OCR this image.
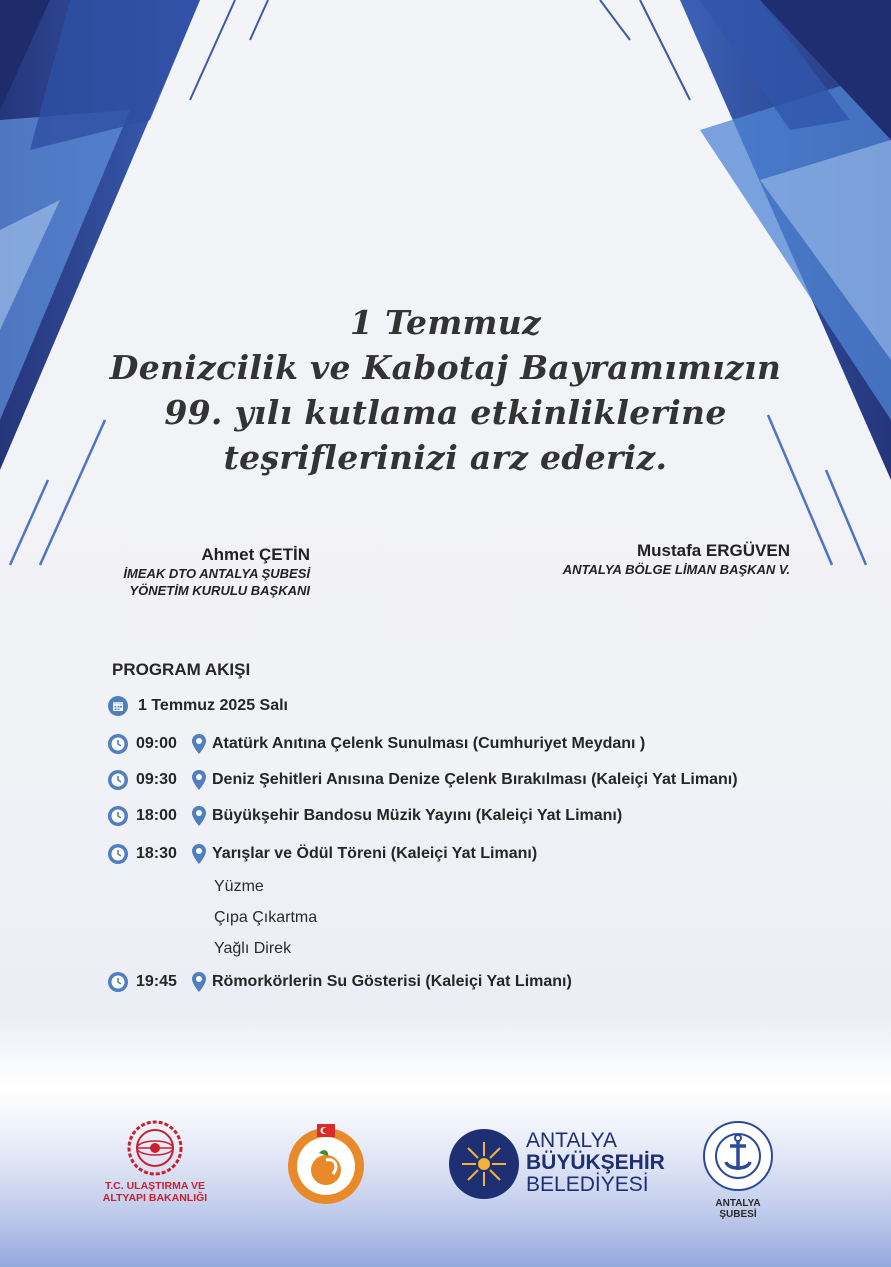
1 Temmuz
Denizcilik ve Kabotaj Bayramımızın
99. yılı kutlama etkinliklerine
teşriflerinizi arz ederiz.
Ahmet ÇETİN
İMEAK DTO ANTALYA ŞUBESİ
YÖNETİM KURULU BAŞKANI
Mustafa ERGÜVEN
ANTALYA BÖLGE LİMAN BAŞKAN V.
PROGRAM AKIŞI
1 Temmuz 2025 Salı
09:00	Atatürk Anıtına Çelenk Sunulması (Cumhuriyet Meydanı )
09:30	Deniz Şehitleri Anısına Denize Çelenk Bırakılması (Kaleiçi Yat Limanı)
18:00	Büyükşehir Bandosu Müzik Yayını (Kaleiçi Yat Limanı)
18:30	Yarışlar ve Ödül Töreni (Kaleiçi Yat Limanı)
Yüzme
Çıpa Çıkartma
Yağlı Direk
19:45	Römorkörlerin Su Gösterisi (Kaleiçi Yat Limanı)
T.C. ULAŞTIRMA VE
ALTYAPI BAKANLIĞI
ANTALYA
BÜYÜKŞEHİR
BELEDİYESİ
ANTALYA ŞUBESİ
